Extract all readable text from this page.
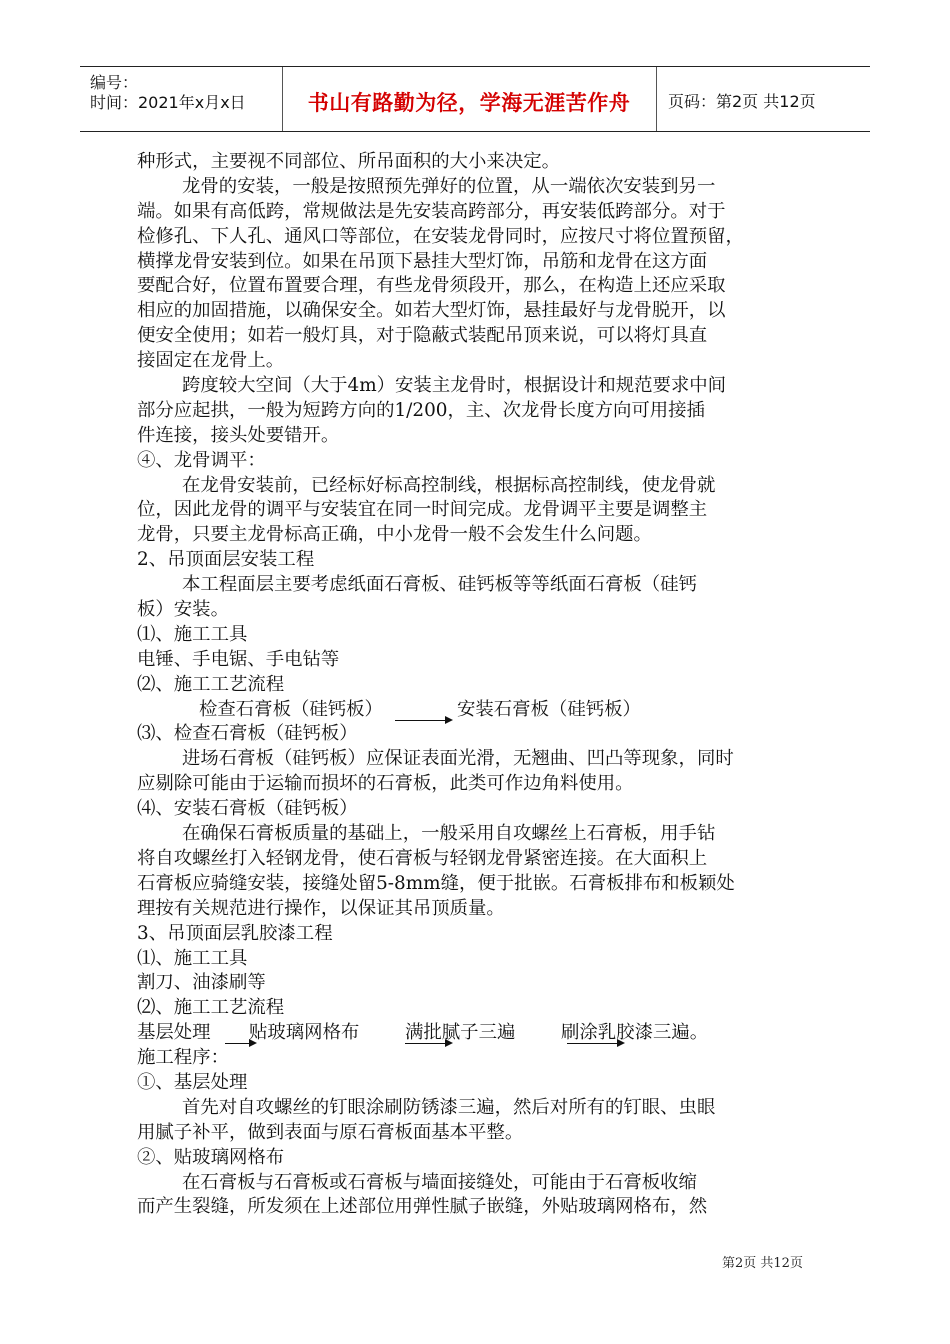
编号：
时间：2021年x月x日	书山有路勤为径，学海无涯苦作舟	页码：第2页 共12页
种形式，主要视不同部位、所吊面积的大小来决定。
龙骨的安装，一般是按照预先弹好的位置，从一端依次安装到另一
端。如果有高低跨，常规做法是先安装高跨部分，再安装低跨部分。对于
检修孔、下人孔、通风口等部位，在安装龙骨同时，应按尺寸将位置预留，
横撑龙骨安装到位。如果在吊顶下悬挂大型灯饰，吊筋和龙骨在这方面
要配合好，位置布置要合理，有些龙骨须段开，那么，在构造上还应采取
相应的加固措施，以确保安全。如若大型灯饰，悬挂最好与龙骨脱开，以
便安全使用；如若一般灯具，对于隐蔽式装配吊顶来说，可以将灯具直
接固定在龙骨上。
跨度较大空间（大于4m）安装主龙骨时，根据设计和规范要求中间
部分应起拱，一般为短跨方向的1/200，主、次龙骨长度方向可用接插
件连接，接头处要错开。
④、龙骨调平：
在龙骨安装前，已经标好标高控制线，根据标高控制线，使龙骨就
位，因此龙骨的调平与安装宜在同一时间完成。龙骨调平主要是调整主
龙骨，只要主龙骨标高正确，中小龙骨一般不会发生什么问题。
2、吊顶面层安装工程
本工程面层主要考虑纸面石膏板、硅钙板等等纸面石膏板（硅钙
板）安装。
⑴、施工工具
电锤、手电锯、手电钻等
⑵、施工工艺流程
检查石膏板（硅钙板）	安装石膏板（硅钙板）
⑶、检查石膏板（硅钙板）
进场石膏板（硅钙板）应保证表面光滑，无翘曲、凹凸等现象，同时
应剔除可能由于运输而损坏的石膏板，此类可作边角料使用。
⑷、安装石膏板（硅钙板）
在确保石膏板质量的基础上，一般采用自攻螺丝上石膏板，用手钻
将自攻螺丝打入轻钢龙骨，使石膏板与轻钢龙骨紧密连接。在大面积上
石膏板应骑缝安装，接缝处留5-8mm缝，便于批嵌。石膏板排布和板颖处
理按有关规范进行操作，以保证其吊顶质量。
3、吊顶面层乳胶漆工程
⑴、施工工具
割刀、油漆刷等
⑵、施工工艺流程
基层处理 贴玻璃网格布 满批腻子三遍 刷涂乳胶漆三遍。
施工程序：
①、基层处理
首先对自攻螺丝的钉眼涂刷防锈漆三遍，然后对所有的钉眼、虫眼
用腻子补平，做到表面与原石膏板面基本平整。
②、贴玻璃网格布
在石膏板与石膏板或石膏板与墙面接缝处，可能由于石膏板收缩
而产生裂缝，所发须在上述部位用弹性腻子嵌缝，外贴玻璃网格布，然
第2页 共12页
